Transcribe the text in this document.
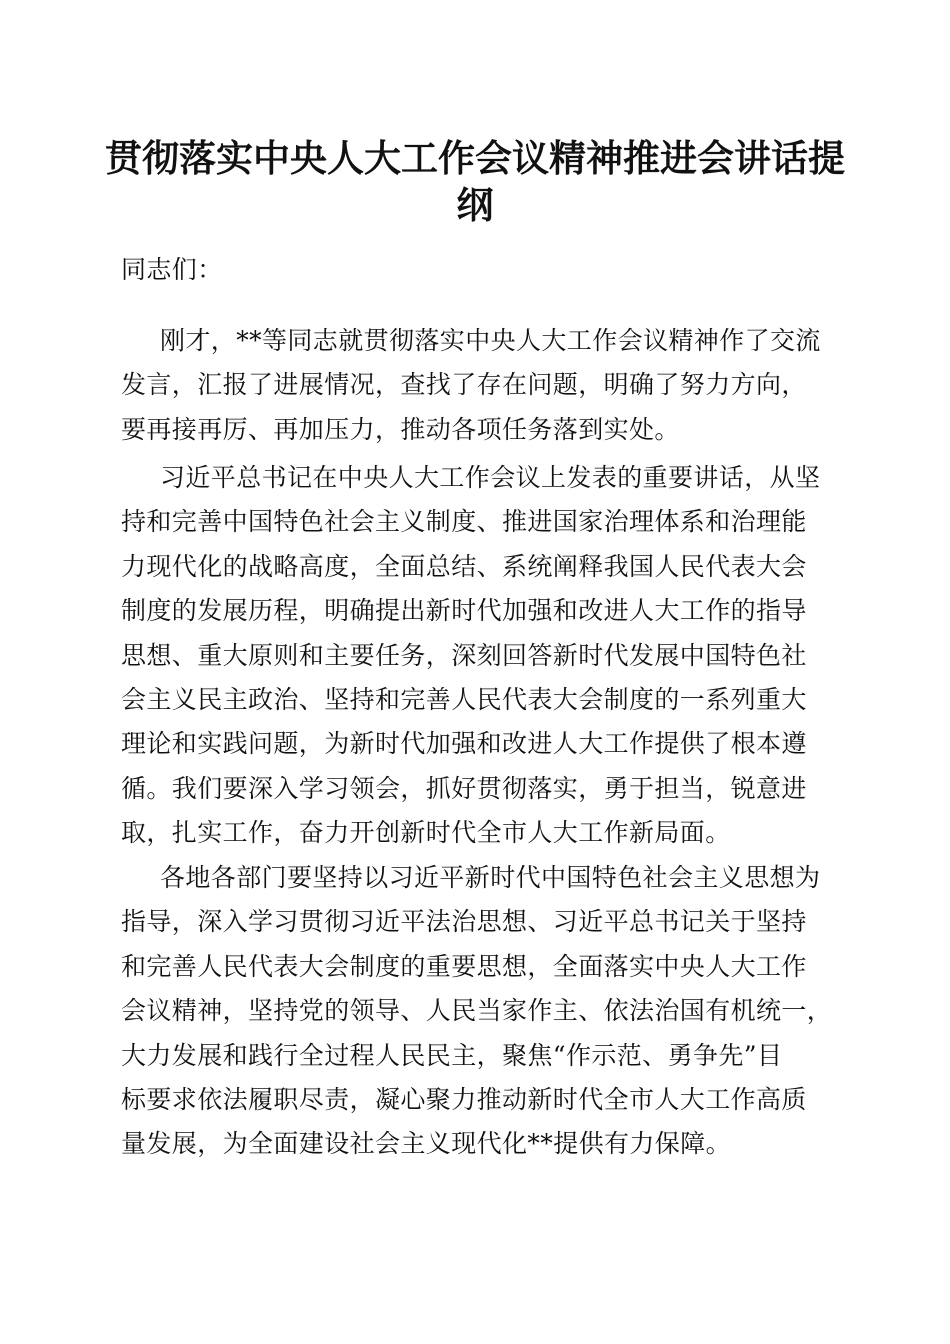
贯彻落实中央人大工作会议精神推进会讲话提
纲
同志们：
刚才，**等同志就贯彻落实中央人大工作会议精神作了交流
发言，汇报了进展情况，查找了存在问题，明确了努力方向，
要再接再厉、再加压力，推动各项任务落到实处。
习近平总书记在中央人大工作会议上发表的重要讲话，从坚
持和完善中国特色社会主义制度、推进国家治理体系和治理能
力现代化的战略高度，全面总结、系统阐释我国人民代表大会
制度的发展历程，明确提出新时代加强和改进人大工作的指导
思想、重大原则和主要任务，深刻回答新时代发展中国特色社
会主义民主政治、坚持和完善人民代表大会制度的一系列重大
理论和实践问题，为新时代加强和改进人大工作提供了根本遵
循。我们要深入学习领会，抓好贯彻落实，勇于担当，锐意进
取，扎实工作，奋力开创新时代全市人大工作新局面。
各地各部门要坚持以习近平新时代中国特色社会主义思想为
指导，深入学习贯彻习近平法治思想、习近平总书记关于坚持
和完善人民代表大会制度的重要思想，全面落实中央人大工作
会议精神，坚持党的领导、人民当家作主、依法治国有机统一，
大力发展和践行全过程人民民主，聚焦“作示范、勇争先”目
标要求依法履职尽责，凝心聚力推动新时代全市人大工作高质
量发展，为全面建设社会主义现代化**提供有力保障。
